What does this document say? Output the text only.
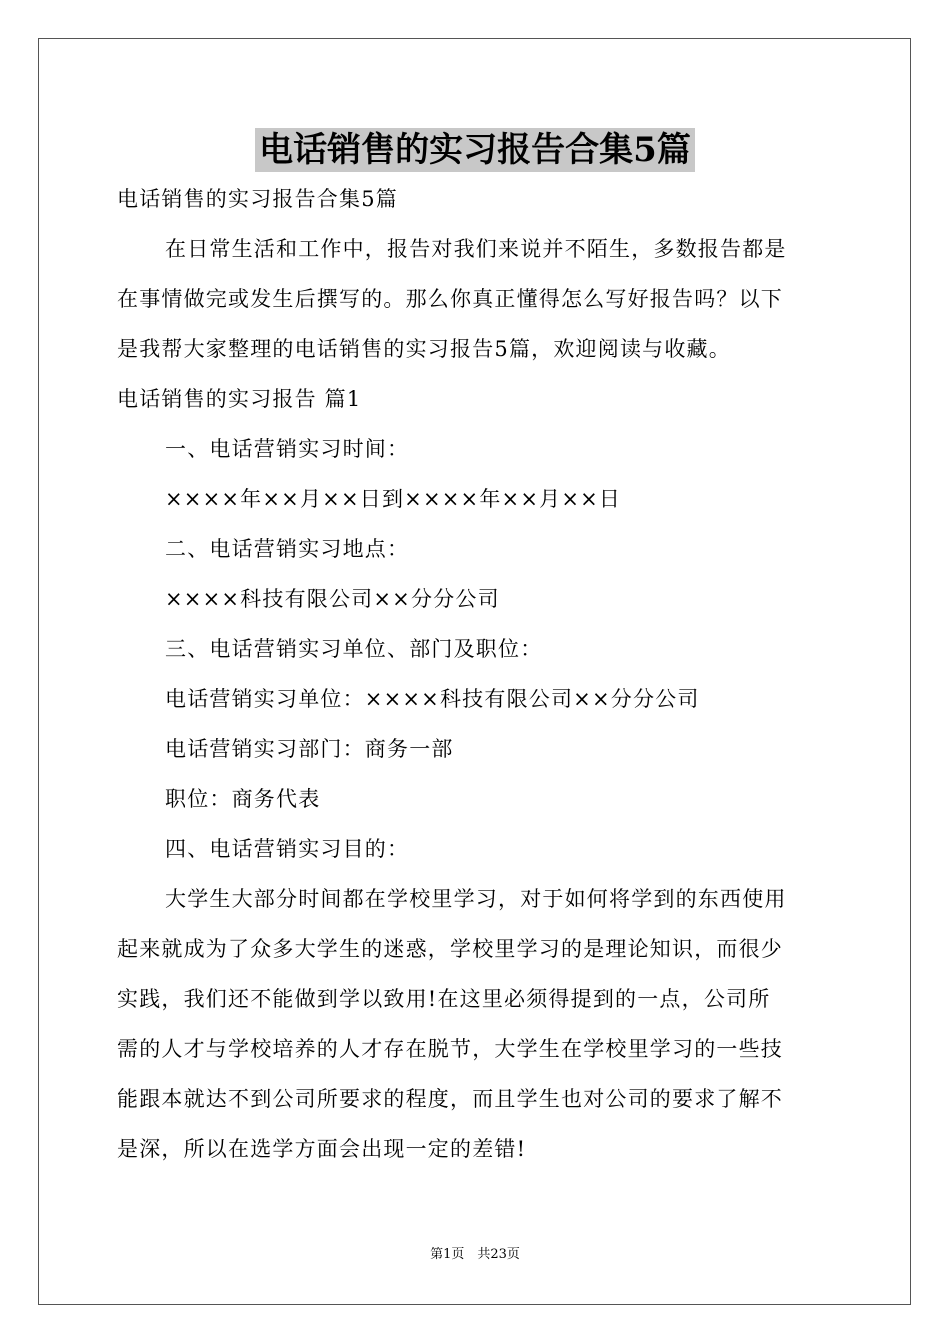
电话销售的实习报告合集5篇
电话销售的实习报告合集5篇
在日常生活和工作中，报告对我们来说并不陌生，多数报告都是
在事情做完或发生后撰写的。那么你真正懂得怎么写好报告吗？以下
是我帮大家整理的电话销售的实习报告5篇，欢迎阅读与收藏。
电话销售的实习报告 篇1
一、电话营销实习时间：
××××年××月××日到××××年××月××日
二、电话营销实习地点：
××××科技有限公司××分分公司
三、电话营销实习单位、部门及职位：
电话营销实习单位：××××科技有限公司××分分公司
电话营销实习部门：商务一部
职位：商务代表
四、电话营销实习目的：
大学生大部分时间都在学校里学习，对于如何将学到的东西使用
起来就成为了众多大学生的迷惑，学校里学习的是理论知识，而很少
实践，我们还不能做到学以致用!在这里必须得提到的一点，公司所
需的人才与学校培养的人才存在脱节，大学生在学校里学习的一些技
能跟本就达不到公司所要求的程度，而且学生也对公司的要求了解不
是深，所以在选学方面会出现一定的差错!
第1页　共23页
